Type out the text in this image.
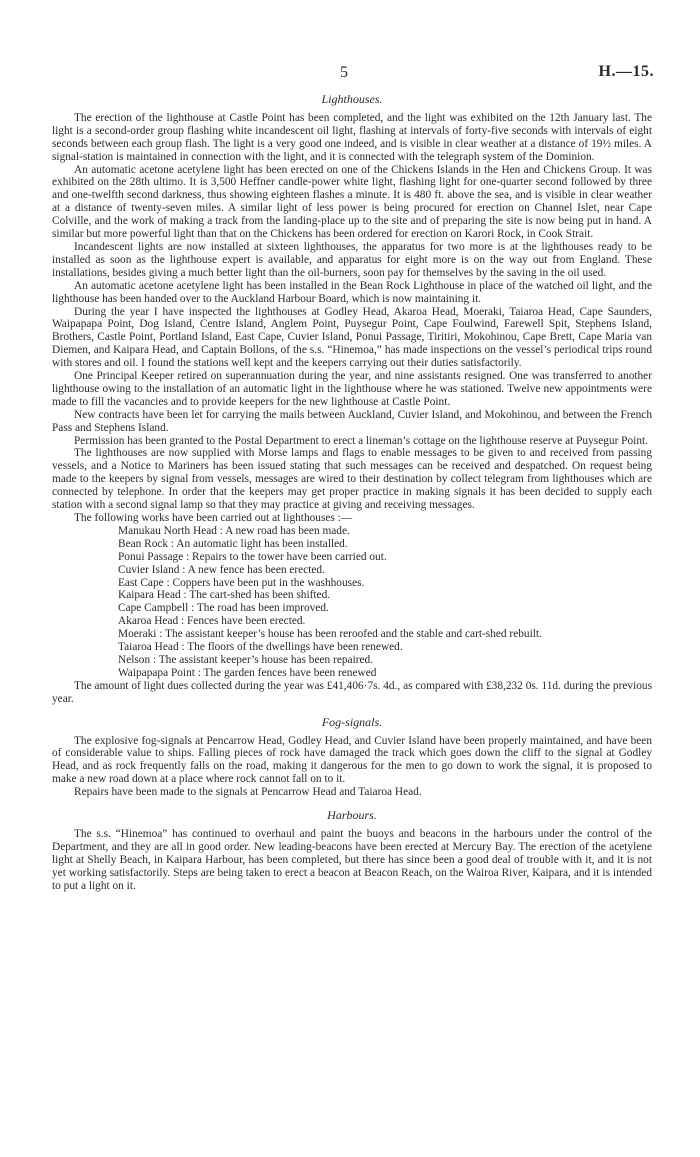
5	H.—15.
Lighthouses.

The erection of the lighthouse at Castle Point has been completed, and the light was exhibited on the 12th January last. The light is a second-order group flashing white incandescent oil light, flashing at intervals of forty-five seconds with intervals of eight seconds between each group flash. The light is a very good one indeed, and is visible in clear weather at a distance of 19½ miles. A signal-station is maintained in connection with the light, and it is connected with the telegraph system of the Dominion.

An automatic acetone acetylene light has been erected on one of the Chickens Islands in the Hen and Chickens Group. It was exhibited on the 28th ultimo. It is 3,500 Heffner candle-power white light, flashing light for one-quarter second followed by three and one-twelfth second darkness, thus showing eighteen flashes a minute. It is 480 ft. above the sea, and is visible in clear weather at a distance of twenty-seven miles. A similar light of less power is being procured for erection on Channel Islet, near Cape Colville, and the work of making a track from the landing-place up to the site and of preparing the site is now being put in hand. A similar but more powerful light than that on the Chickens has been ordered for erection on Karori Rock, in Cook Strait.

Incandescent lights are now installed at sixteen lighthouses, the apparatus for two more is at the lighthouses ready to be installed as soon as the lighthouse expert is available, and apparatus for eight more is on the way out from England. These installations, besides giving a much better light than the oil-burners, soon pay for themselves by the saving in the oil used.

An automatic acetone acetylene light has been installed in the Bean Rock Lighthouse in place of the watched oil light, and the lighthouse has been handed over to the Auckland Harbour Board, which is now maintaining it.

During the year I have inspected the lighthouses at Godley Head, Akaroa Head, Moeraki, Taiaroa Head, Cape Saunders, Waipapapa Point, Dog Island, Centre Island, Anglem Point, Puysegur Point, Cape Foulwind, Farewell Spit, Stephens Island, Brothers, Castle Point, Portland Island, East Cape, Cuvier Island, Ponui Passage, Tiritiri, Mokohinou, Cape Brett, Cape Maria van Diemen, and Kaipara Head, and Captain Bollons, of the s.s. “Hinemoa,” has made inspections on the vessel’s periodical trips round with stores and oil. I found the stations well kept and the keepers carrying out their duties satisfactorily.

One Principal Keeper retired on superannuation during the year, and nine assistants resigned. One was transferred to another lighthouse owing to the installation of an automatic light in the lighthouse where he was stationed. Twelve new appointments were made to fill the vacancies and to provide keepers for the new lighthouse at Castle Point.

New contracts have been let for carrying the mails between Auckland, Cuvier Island, and Mokohinou, and between the French Pass and Stephens Island.

Permission has been granted to the Postal Department to erect a lineman’s cottage on the lighthouse reserve at Puysegur Point.

The lighthouses are now supplied with Morse lamps and flags to enable messages to be given to and received from passing vessels, and a Notice to Mariners has been issued stating that such messages can be received and despatched. On request being made to the keepers by signal from vessels, messages are wired to their destination by collect telegram from lighthouses which are connected by telephone. In order that the keepers may get proper practice in making signals it has been decided to supply each station with a second signal lamp so that they may practice at giving and receiving messages.

The following works have been carried out at lighthouses :—

Manukau North Head : A new road has been made.
Bean Rock : An automatic light has been installed.
Ponui Passage : Repairs to the tower have been carried out.
Cuvier Island : A new fence has been erected.
East Cape : Coppers have been put in the washhouses.
Kaipara Head : The cart-shed has been shifted.
Cape Campbell : The road has been improved.
Akaroa Head : Fences have been erected.
Moeraki : The assistant keeper’s house has been reroofed and the stable and cart-shed rebuilt.
Taiaroa Head : The floors of the dwellings have been renewed.
Nelson : The assistant keeper’s house has been repaired.
Waipapapa Point : The garden fences have been renewed

The amount of light dues collected during the year was £41,406·7s. 4d., as compared with £38,232 0s. 11d. during the previous year.

Fog-signals.

The explosive fog-signals at Pencarrow Head, Godley Head, and Cuvier Island have been properly maintained, and have been of considerable value to ships. Falling pieces of rock have damaged the track which goes down the cliff to the signal at Godley Head, and as rock frequently falls on the road, making it dangerous for the men to go down to work the signal, it is proposed to make a new road down at a place where rock cannot fall on to it.

Repairs have been made to the signals at Pencarrow Head and Taiaroa Head.

Harbours.

The s.s. “Hinemoa” has continued to overhaul and paint the buoys and beacons in the harbours under the control of the Department, and they are all in good order. New leading-beacons have been erected at Mercury Bay. The erection of the acetylene light at Shelly Beach, in Kaipara Harbour, has been completed, but there has since been a good deal of trouble with it, and it is not yet working satisfactorily. Steps are being taken to erect a beacon at Beacon Reach, on the Wairoa River, Kaipara, and it is intended to put a light on it.
